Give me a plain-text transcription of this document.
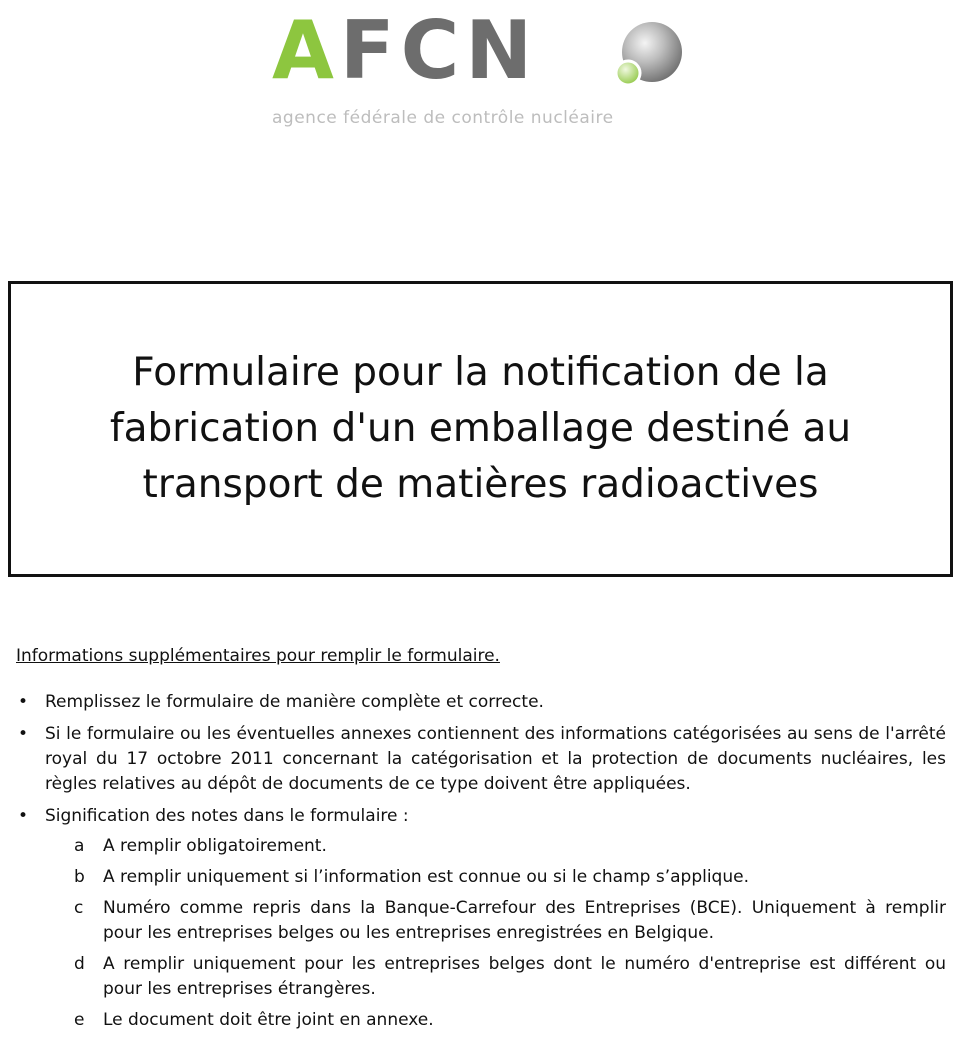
AFCN
agence fédérale de contrôle nucléaire
Formulaire pour la notification de la fabrication d'un emballage destiné au transport de matières radioactives
Informations supplémentaires pour remplir le formulaire.
• Remplissez le formulaire de manière complète et correcte.
• Si le formulaire ou les éventuelles annexes contiennent des informations catégorisées au sens de l'arrêté royal du 17 octobre 2011 concernant la catégorisation et la protection de documents nucléaires, les règles relatives au dépôt de documents de ce type doivent être appliquées.
• Signification des notes dans le formulaire :
a A remplir obligatoirement.
b A remplir uniquement si l’information est connue ou si le champ s’applique.
c Numéro comme repris dans la Banque-Carrefour des Entreprises (BCE). Uniquement à remplir pour les entreprises belges ou les entreprises enregistrées en Belgique.
d A remplir uniquement pour les entreprises belges dont le numéro d'entreprise est différent ou pour les entreprises étrangères.
e Le document doit être joint en annexe.
